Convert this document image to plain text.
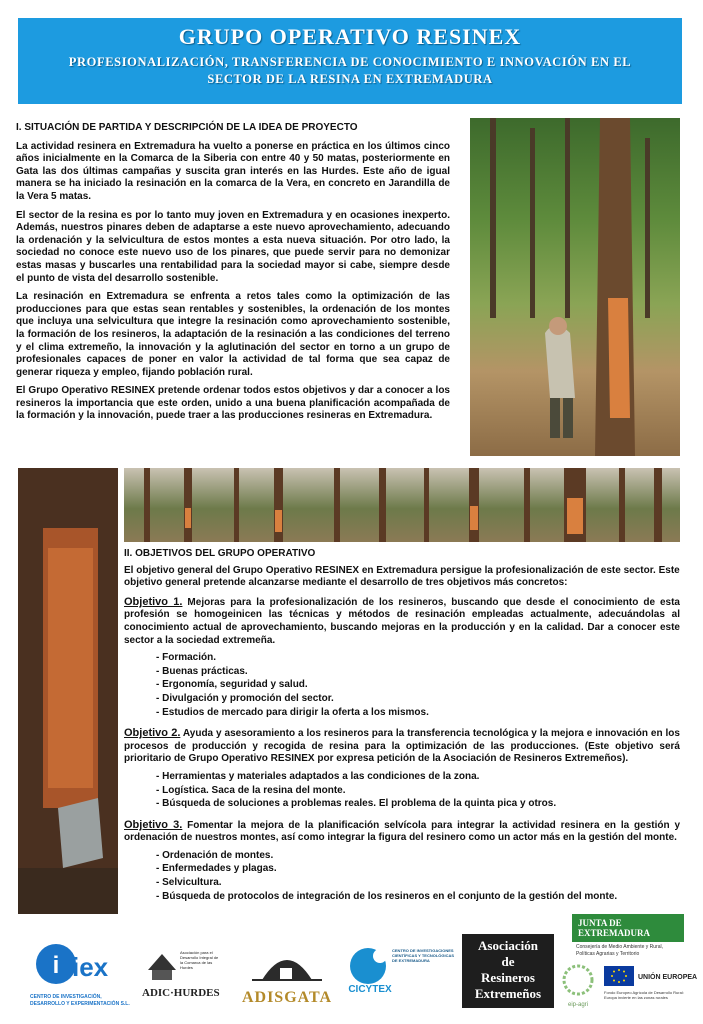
GRUPO OPERATIVO RESINEX
PROFESIONALIZACIÓN, TRANSFERENCIA DE CONOCIMIENTO E INNOVACIÓN EN EL
SECTOR DE LA RESINA EN EXTREMADURA
I. SITUACIÓN DE PARTIDA Y DESCRIPCIÓN DE LA IDEA DE PROYECTO

La actividad resinera en Extremadura ha vuelto a ponerse en práctica en los últimos cinco años inicialmente en la Comarca de la Siberia con entre 40 y 50 matas, posteriormente en Gata las dos últimas campañas y suscita gran interés en las Hurdes. Este año de igual manera se ha iniciado la resinación en la comarca de la Vera, en concreto en Jarandilla de la Vera 5 matas.

El sector de la resina es por lo tanto muy joven en Extremadura y en ocasiones inexperto. Además, nuestros pinares deben de adaptarse a este nuevo aprovechamiento, adecuando la ordenación y la selvicultura de estos montes a esta nueva situación. Por otro lado, la sociedad no conoce este nuevo uso de los pinares, que puede servir para no demonizar estas masas y buscarles una rentabilidad para la sociedad mayor si cabe, siempre desde el punto de vista del desarrollo sostenible.

La resinación en Extremadura se enfrenta a retos tales como la optimización de las producciones para que estas sean rentables y sostenibles, la ordenación de los montes que incluya una selvicultura que integre la resinación como aprovechamiento sostenible, la formación de los resineros, la adaptación de la resinación a las condiciones del terreno y el clima extremeño, la innovación y la aglutinación del sector en torno a un grupo de profesionales capaces de poner en valor la actividad de tal forma que sea capaz de generar riqueza y empleo, fijando población rural.

El Grupo Operativo RESINEX pretende ordenar todos estos objetivos y dar a conocer a los resineros la importancia que este orden, unido a una buena planificación acompañada de la formación y la innovación, puede traer a las producciones resineras en Extremadura.

II. OBJETIVOS DEL GRUPO OPERATIVO

El objetivo general del Grupo Operativo RESINEX en Extremadura persigue la profesionalización de este sector. Este objetivo general pretende alcanzarse mediante el desarrollo de tres objetivos más concretos:

Objetivo 1. Mejoras para la profesionalización de los resineros, buscando que desde el conocimiento de esta profesión se homogeinicen las técnicas y métodos de resinación empleadas actualmente, adecuándolas al conocimiento actual de aprovechamiento, buscando mejoras en la producción y en la calidad. Dar a conocer este sector a la sociedad extremeña.

- Formación.
- Buenas prácticas.
- Ergonomía, seguridad y salud.
- Divulgación y promoción del sector.
- Estudios de mercado para dirigir la oferta a los mismos.

Objetivo 2. Ayuda y asesoramiento a los resineros para la transferencia tecnológica y la mejora e innovación en los procesos de producción y recogida de resina para la optimización de las producciones. (Este objetivo será prioritario de Grupo Operativo RESINEX por expresa petición de la Asociación de Resineros Extremeños).

- Herramientas y materiales adaptados a las condiciones de la zona.
- Logística. Saca de la resina del monte.
- Búsqueda de soluciones a problemas reales. El problema de la quinta pica y otros.

Objetivo 3. Fomentar la mejora de la planificación selvícola para integrar la actividad resinera en la gestión y ordenación de nuestros montes, así como integrar la figura del resinero como un actor más en la gestión del monte.

- Ordenación de montes.
- Enfermedades y plagas.
- Selvicultura.
- Búsqueda de protocolos de integración de los resineros en el conjunto de la gestión del monte.
i iex
CENTRO DE INVESTIGACIÓN,
DESARROLLO Y EXPERIMENTACIÓN S.L.
Asociación para el Desarrollo Integral de la Comarca de las Hurdes
ADIC·HURDES ADISGATA CICYTEX
CENTRO DE INVESTIGACIONES CIENTÍFICAS Y TECNOLÓGICAS DE EXTREMADURA
Asociación
de
Resineros
Extremeños
eip-agri
JUNTA DE EXTREMADURA
Consejería de Medio Ambiente y Rural, Políticas Agrarias y Territorio
UNIÓN EUROPEA
Fondo Europeo Agrícola de Desarrollo Rural: Europa invierte en las zonas rurales
